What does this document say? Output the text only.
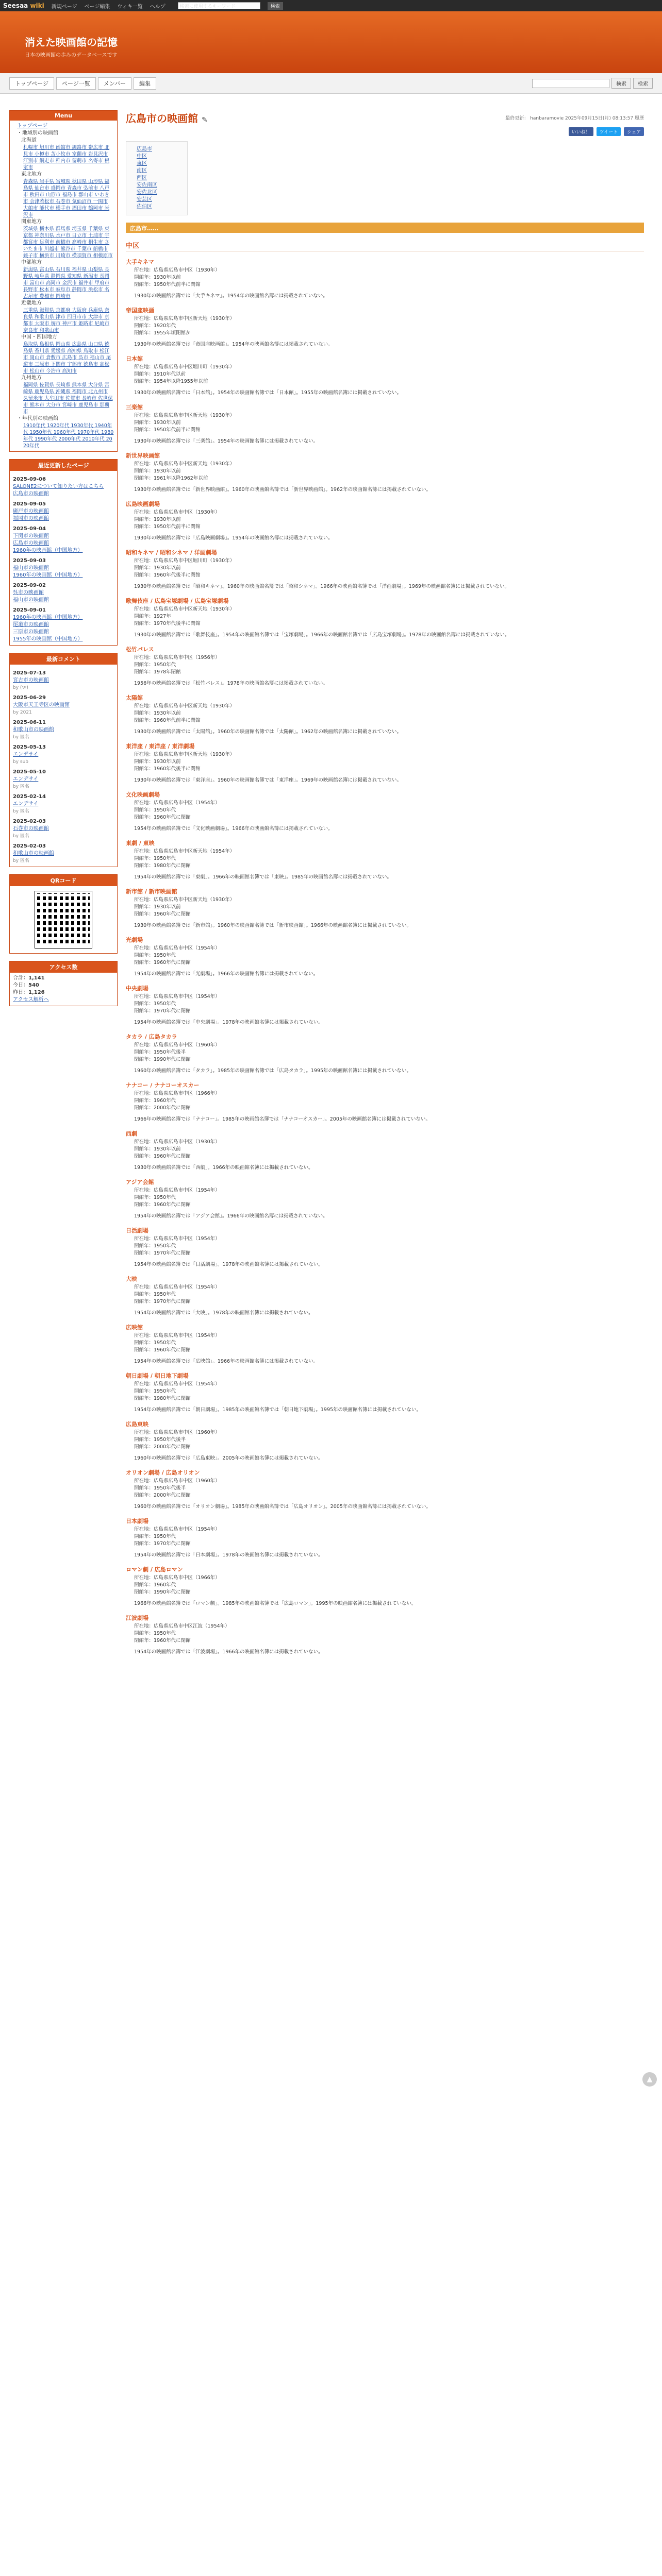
Seesaa wiki 新規ページ ページ編集 ウィキ一覧 ヘルプ	検索に使用するキーワード	検索
消えた映画館の記憶
日本の映画館の歩みのデータベースです
トップページ	ページ一覧	メンバー	編集	検索	検索
Menu
トップページ
・地域別の映画館
北海道
札幌市 旭川市 函館市 釧路市 帯広市 北見市 小樽市 苫小牧市 室蘭市 岩見沢市 江別市 網走市 稚内市 留萌市 名寄市 根室市
東北地方
青森県 岩手県 宮城県 秋田県 山形県 福島県 仙台市 盛岡市 青森市 弘前市 八戸市 秋田市 山形市 福島市 郡山市 いわき市 会津若松市 石巻市 気仙沼市 一関市 大館市 能代市 横手市 酒田市 鶴岡市 米沢市
関東地方
茨城県 栃木県 群馬県 埼玉県 千葉県 東京都 神奈川県 水戸市 日立市 土浦市 宇都宮市 足利市 前橋市 高崎市 桐生市 さいたま市 川越市 熊谷市 千葉市 船橋市 銚子市 横浜市 川崎市 横須賀市 相模原市
中部地方
新潟県 富山県 石川県 福井県 山梨県 長野県 岐阜県 静岡県 愛知県 新潟市 長岡市 富山市 高岡市 金沢市 福井市 甲府市 長野市 松本市 岐阜市 静岡市 浜松市 名古屋市 豊橋市 岡崎市
近畿地方
三重県 滋賀県 京都府 大阪府 兵庫県 奈良県 和歌山県 津市 四日市市 大津市 京都市 大阪市 堺市 神戸市 姫路市 尼崎市 奈良市 和歌山市
中国・四国地方
鳥取県 島根県 岡山県 広島県 山口県 徳島県 香川県 愛媛県 高知県 鳥取市 松江市 岡山市 倉敷市 広島市 呉市 福山市 尾道市 三原市 下関市 宇部市 徳島市 高松市 松山市 今治市 高知市
九州地方
福岡県 佐賀県 長崎県 熊本県 大分県 宮崎県 鹿児島県 沖縄県 福岡市 北九州市 久留米市 大牟田市 佐賀市 長崎市 佐世保市 熊本市 大分市 宮崎市 鹿児島市 那覇市
・年代別の映画館
1910年代 1920年代 1930年代 1940年代 1950年代 1960年代 1970年代 1980年代 1990年代 2000年代 2010年代 2020年代
最近更新したページ
2025-09-06
SALONE2について知りたい方はこちら
広島市の映画館
2025-09-05
廣戸市の映画館
福岡市の映画館
2025-09-04
下関市の映画館
広島市の映画館
1960年の映画館（中国地方）
2025-09-03
福山市の映画館
1960年の映画館（中国地方）
2025-09-02
呉市の映画館
福山市の映画館
2025-09-01
1960年の映画館（中国地方）
尾道市の映画館
三原市の映画館
1955年の映画館（中国地方）
最新コメント
2025-07-13
宮古市の映画館
by (ｗ)
2025-06-29
大阪市天王寺区の映画館
by 2021
2025-06-11
和歌山市の映画館
by 匿名
2025-05-13
エンデサイ
by sub
2025-05-10
エンデサイ
by 匿名
2025-02-14
エンデサイ
by 匿名
2025-02-03
石巻市の映画館
by 匿名
2025-02-03
和歌山市の映画館
by 匿名
QRコード
アクセス数
合計：1,141
今日：540
昨日：1,126
アクセス解析へ
広島市の映画館 ✎	最終更新： hanbaramovie 2025年09月15日(月) 08:13:57 履歴
いいね！	ツイート	シェア
広島市
中区
東区
南区
西区
安佐南区
安佐北区
安芸区
佐伯区
広島市……
中区
大手キネマ

所在地：広島県広島市中区（1930年）

開館年：1930年以前

閉館年：1950年代前半に閉館

1930年の映画館名簿では「大手キネマ」。1954年の映画館名簿には掲載されていない。

帝国座映画

所在地：広島県広島市中区新天地（1930年）

開館年：1920年代

閉館年：1955年頃閉館か

1930年の映画館名簿では「帝国座映画館」。1954年の映画館名簿には掲載されていない。

日本館

所在地：広島県広島市中区堀川町（1930年）

開館年：1910年代以前

閉館年：1954年以降1955年以前

1930年の映画館名簿では「日本館」。1954年の映画館名簿では「日本館」。1955年の映画館名簿には掲載されていない。

三楽館

所在地：広島県広島市中区新天地（1930年）

開館年：1930年以前

閉館年：1950年代前半に閉館

1930年の映画館名簿では「三楽館」。1954年の映画館名簿には掲載されていない。

新世界映画館

所在地：広島県広島市中区新天地（1930年）

開館年：1930年以前

閉館年：1961年以降1962年以前

1930年の映画館名簿では「新世界映画館」。1960年の映画館名簿では「新世界映画館」。1962年の映画館名簿には掲載されていない。

広島映画劇場

所在地：広島県広島市中区（1930年）

開館年：1930年以前

閉館年：1950年代前半に閉館

1930年の映画館名簿では「広島映画劇場」。1954年の映画館名簿には掲載されていない。

昭和キネマ / 昭和シネマ / 洋画劇場

所在地：広島県広島市中区堀川町（1930年）

開館年：1930年以前

閉館年：1960年代後半に閉館

1930年の映画館名簿では「昭和キネマ」。1960年の映画館名簿では「昭和シネマ」。1966年の映画館名簿では「洋画劇場」。1969年の映画館名簿には掲載されていない。

歌舞伎座 / 広島宝塚劇場 / 広島宝塚劇場

所在地：広島県広島市中区新天地（1930年）

開館年：1927年

閉館年：1970年代後半に閉館

1930年の映画館名簿では「歌舞伎座」。1954年の映画館名簿では「宝塚劇場」。1966年の映画館名簿では「広島宝塚劇場」。1978年の映画館名簿には掲載されていない。

松竹パレス

所在地：広島県広島市中区（1956年）

開館年：1950年代

閉館年：1978年閉館

1956年の映画館名簿では「松竹パレス」。1978年の映画館名簿には掲載されていない。

太陽館

所在地：広島県広島市中区新天地（1930年）

開館年：1930年以前

閉館年：1960年代前半に閉館

1930年の映画館名簿では「太陽館」。1960年の映画館名簿では「太陽館」。1962年の映画館名簿には掲載されていない。

東洋座 / 東洋座 / 東洋劇場

所在地：広島県広島市中区新天地（1930年）

開館年：1930年以前

閉館年：1960年代後半に閉館

1930年の映画館名簿では「東洋座」。1960年の映画館名簿では「東洋座」。1969年の映画館名簿には掲載されていない。

文化映画劇場

所在地：広島県広島市中区（1954年）

開館年：1950年代

閉館年：1960年代に閉館

1954年の映画館名簿では「文化映画劇場」。1966年の映画館名簿には掲載されていない。

東劇 / 東映

所在地：広島県広島市中区新天地（1954年）

開館年：1950年代

閉館年：1980年代に閉館

1954年の映画館名簿では「東劇」。1966年の映画館名簿では「東映」。1985年の映画館名簿には掲載されていない。

新市館 / 新市映画館

所在地：広島県広島市中区新天地（1930年）

開館年：1930年以前

閉館年：1960年代に閉館

1930年の映画館名簿では「新市館」。1960年の映画館名簿では「新市映画館」。1966年の映画館名簿には掲載されていない。

光劇場

所在地：広島県広島市中区（1954年）

開館年：1950年代

閉館年：1960年代に閉館

1954年の映画館名簿では「光劇場」。1966年の映画館名簿には掲載されていない。

中央劇場

所在地：広島県広島市中区（1954年）

開館年：1950年代

閉館年：1970年代に閉館

1954年の映画館名簿では「中央劇場」。1978年の映画館名簿には掲載されていない。

タカラ / 広島タカラ

所在地：広島県広島市中区（1960年）

開館年：1950年代後半

閉館年：1990年代に閉館

1960年の映画館名簿では「タカラ」。1985年の映画館名簿では「広島タカラ」。1995年の映画館名簿には掲載されていない。

ナナコー / ナナコーオスカー

所在地：広島県広島市中区（1966年）

開館年：1960年代

閉館年：2000年代に閉館

1966年の映画館名簿では「ナナコー」。1985年の映画館名簿では「ナナコーオスカー」。2005年の映画館名簿には掲載されていない。

西劇

所在地：広島県広島市中区（1930年）

開館年：1930年以前

閉館年：1960年代に閉館

1930年の映画館名簿では「西劇」。1966年の映画館名簿には掲載されていない。

アジア会館

所在地：広島県広島市中区（1954年）

開館年：1950年代

閉館年：1960年代に閉館

1954年の映画館名簿では「アジア会館」。1966年の映画館名簿には掲載されていない。

日活劇場

所在地：広島県広島市中区（1954年）

開館年：1950年代

閉館年：1970年代に閉館

1954年の映画館名簿では「日活劇場」。1978年の映画館名簿には掲載されていない。

大映

所在地：広島県広島市中区（1954年）

開館年：1950年代

閉館年：1970年代に閉館

1954年の映画館名簿では「大映」。1978年の映画館名簿には掲載されていない。

広映館

所在地：広島県広島市中区（1954年）

開館年：1950年代

閉館年：1960年代に閉館

1954年の映画館名簿では「広映館」。1966年の映画館名簿には掲載されていない。

朝日劇場 / 朝日地下劇場

所在地：広島県広島市中区（1954年）

開館年：1950年代

閉館年：1980年代に閉館

1954年の映画館名簿では「朝日劇場」。1985年の映画館名簿では「朝日地下劇場」。1995年の映画館名簿には掲載されていない。

広島東映

所在地：広島県広島市中区（1960年）

開館年：1950年代後半

閉館年：2000年代に閉館

1960年の映画館名簿では「広島東映」。2005年の映画館名簿には掲載されていない。

オリオン劇場 / 広島オリオン

所在地：広島県広島市中区（1960年）

開館年：1950年代後半

閉館年：2000年代に閉館

1960年の映画館名簿では「オリオン劇場」。1985年の映画館名簿では「広島オリオン」。2005年の映画館名簿には掲載されていない。

日本劇場

所在地：広島県広島市中区（1954年）

開館年：1950年代

閉館年：1970年代に閉館

1954年の映画館名簿では「日本劇場」。1978年の映画館名簿には掲載されていない。

ロマン劇 / 広島ロマン

所在地：広島県広島市中区（1966年）

開館年：1960年代

閉館年：1990年代に閉館

1966年の映画館名簿では「ロマン劇」。1985年の映画館名簿では「広島ロマン」。1995年の映画館名簿には掲載されていない。

江波劇場

所在地：広島県広島市中区江波（1954年）

開館年：1950年代

閉館年：1960年代に閉館

1954年の映画館名簿では「江波劇場」。1966年の映画館名簿には掲載されていない。

▲
